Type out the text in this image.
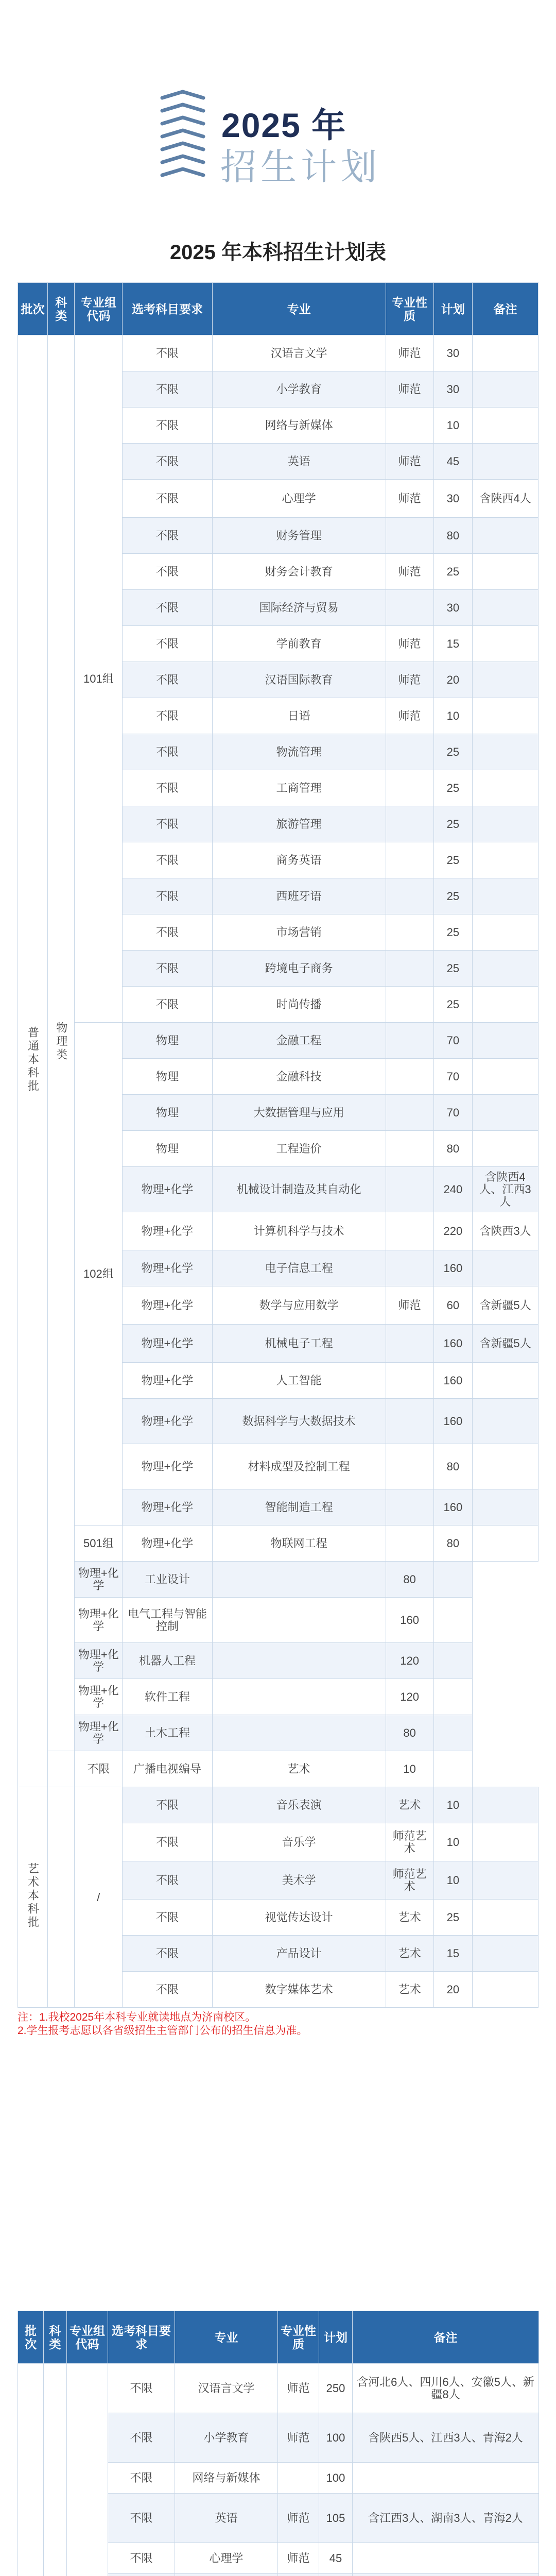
2025 年
招生计划
2025 年本科招生计划表
批次	科类	专业组代码	选考科目要求	专业	专业性质	计划	备注
普通本科批	物理类	101组	不限	汉语言文学	师范	30	
			不限	小学教育	师范	30	
			不限	网络与新媒体		10	
			不限	英语	师范	45	
			不限	心理学	师范	30	含陕西4人
			不限	财务管理		80	
			不限	财务会计教育	师范	25	
			不限	国际经济与贸易		30	
			不限	学前教育	师范	15	
			不限	汉语国际教育	师范	20	
			不限	日语	师范	10	
			不限	物流管理		25	
			不限	工商管理		25	
			不限	旅游管理		25	
			不限	商务英语		25	
			不限	西班牙语		25	
			不限	市场营销		25	
			不限	跨境电子商务		25	
			不限	时尚传播		25	
		102组	物理	金融工程		70	
			物理	金融科技		70	
			物理	大数据管理与应用		70	
			物理	工程造价		80	
			物理+化学	机械设计制造及其自动化		240	含陕西4人、江西3人
			物理+化学	计算机科学与技术		220	含陕西3人
			物理+化学	电子信息工程		160	
			物理+化学	数学与应用数学	师范	60	含新疆5人
			物理+化学	机械电子工程		160	含新疆5人
			物理+化学	人工智能		160	
			物理+化学	数据科学与大数据技术		160	
			物理+化学	材料成型及控制工程		80	
			物理+化学	智能制造工程		160	
		501组	物理+化学	物联网工程		80	
		物理+化学	工业设计		80		
		物理+化学	电气工程与智能控制		160		
		物理+化学	机器人工程		120		
		物理+化学	软件工程		120		
		物理+化学	土木工程		80		
		不限	广播电视编导	艺术	10		
艺术本科批		/	不限	音乐表演	艺术	10	
			不限	音乐学	师范艺术	10	
			不限	美术学	师范艺术	10	
			不限	视觉传达设计	艺术	25	
			不限	产品设计	艺术	15	
			不限	数字媒体艺术	艺术	20	
注：1.我校2025年本科专业就读地点为济南校区。
2.学生报考志愿以各省级招生主管部门公布的招生信息为准。
批次	科类	专业组代码	选考科目要求	专业	专业性质	计划	备注
			不限	汉语言文学	师范	250	含河北6人、四川6人、安徽5人、新疆8人
			不限	小学教育	师范	100	含陕西5人、江西3人、青海2人
			不限	网络与新媒体		100	
			不限	英语	师范	105	含江西3人、湖南3人、青海2人
			不限	心理学	师范	45	
